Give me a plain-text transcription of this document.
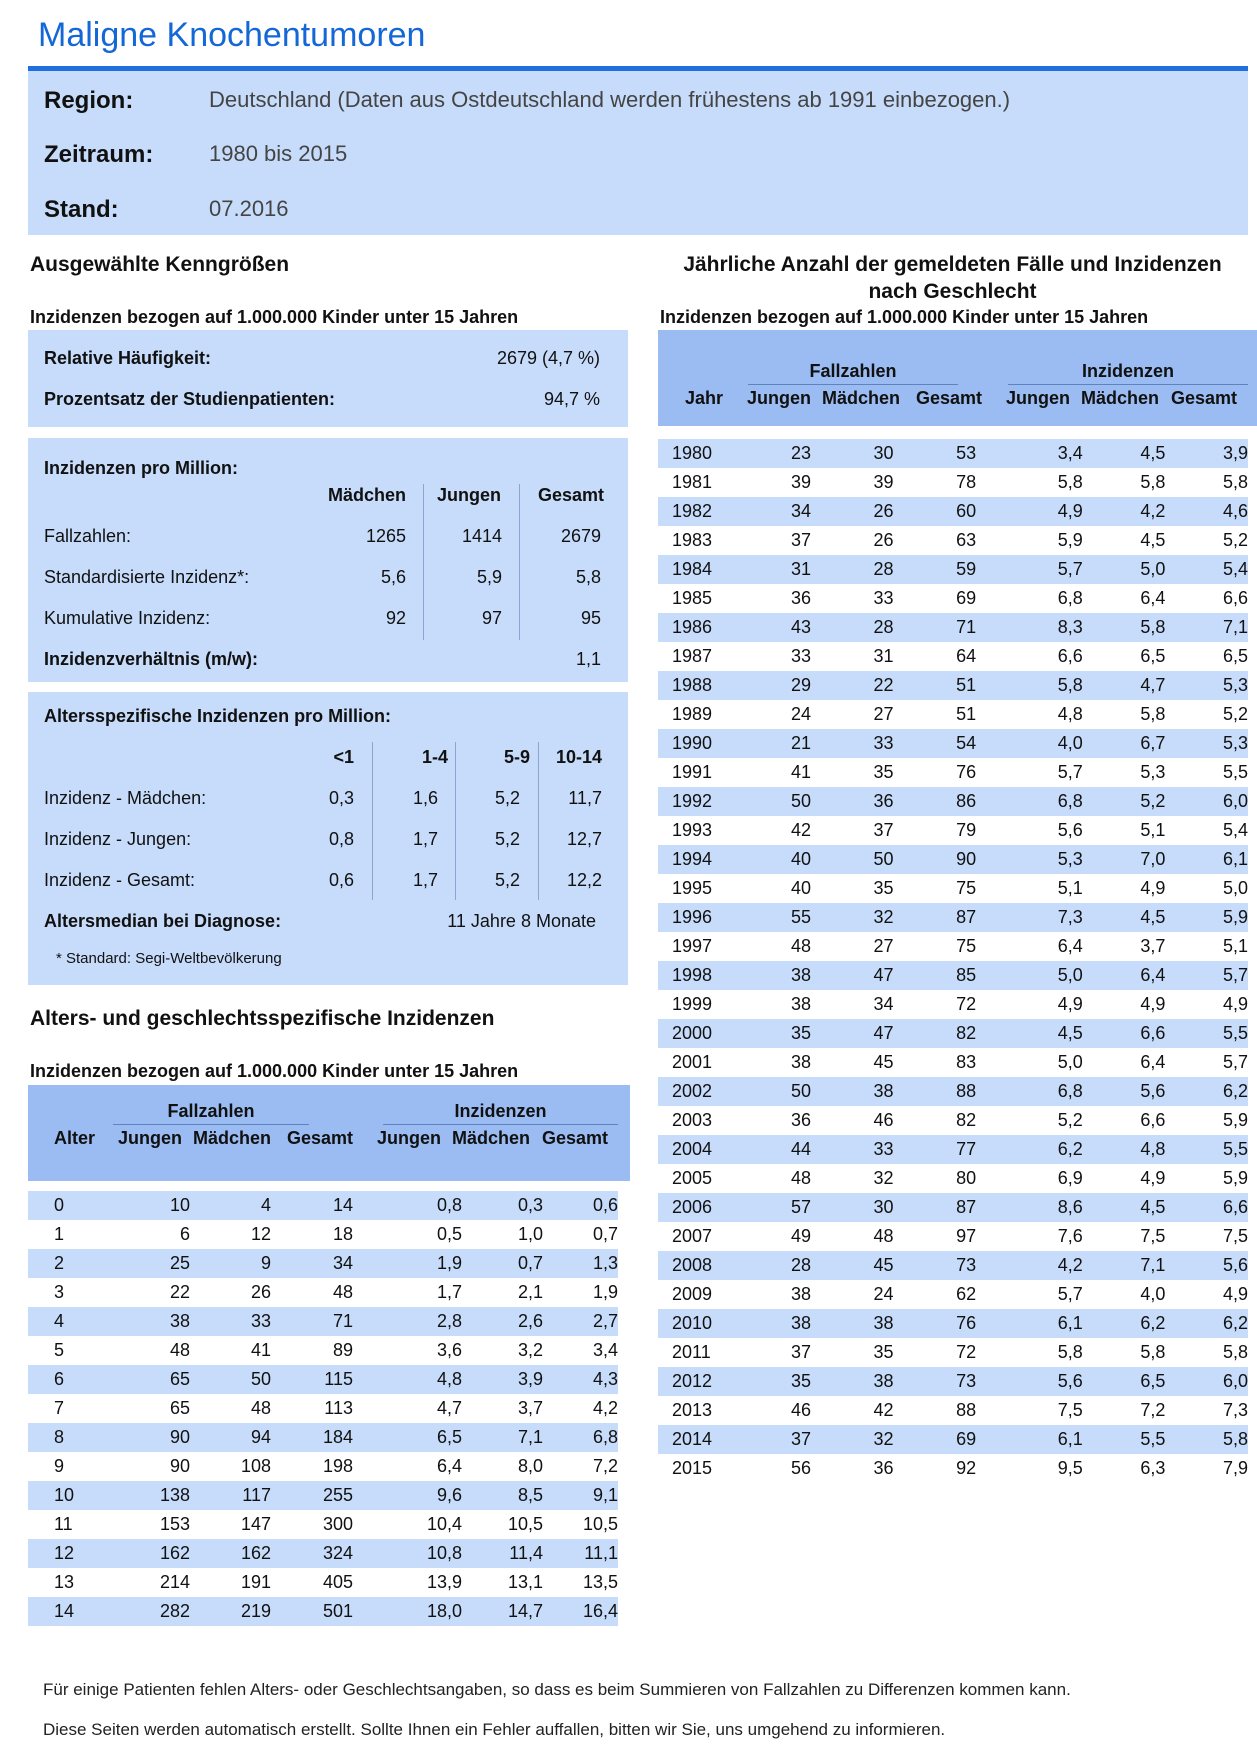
Maligne Knochentumoren
Region:	Deutschland (Daten aus Ostdeutschland werden frühestens ab 1991 einbezogen.)
Zeitraum:	1980 bis 2015
Stand:	07.2016
Ausgewählte Kenngrößen
Inzidenzen bezogen auf 1.000.000 Kinder unter 15 Jahren
Relative Häufigkeit:	2679 (4,7 %)
Prozentsatz der Studienpatienten:	94,7 %
Inzidenzen pro Million:
Mädchen Jungen Gesamt
Fallzahlen:	1265	1414	2679
Standardisierte Inzidenz*:	5,6	5,9	5,8
Kumulative Inzidenz:	92	97	95
Inzidenzverhältnis (m/w):	1,1
Altersspezifische Inzidenzen pro Million:
<1	1-4	5-9 10-14
Inzidenz - Mädchen:	0,3	1,6	5,2	11,7
Inzidenz - Jungen:	0,8	1,7	5,2	12,7
Inzidenz - Gesamt:	0,6	1,7	5,2	12,2
Altersmedian bei Diagnose:	11 Jahre 8 Monate
* Standard: Segi-Weltbevölkerung
Alters- und geschlechtsspezifische Inzidenzen
Inzidenzen bezogen auf 1.000.000 Kinder unter 15 Jahren
Fallzahlen	Inzidenzen
Alter Jungen Mädchen Gesamt Jungen Mädchen Gesamt
0	10	4	14	0,8	0,3	0,6
1	6	12	18	0,5	1,0	0,7
2	25	9	34	1,9	0,7	1,3
3	22	26	48	1,7	2,1	1,9
4	38	33	71	2,8	2,6	2,7
5	48	41	89	3,6	3,2	3,4
6	65	50	115	4,8	3,9	4,3
7	65	48	113	4,7	3,7	4,2
8	90	94	184	6,5	7,1	6,8
9	90	108	198	6,4	8,0	7,2
10	138	117	255	9,6	8,5	9,1
11	153	147	300	10,4	10,5	10,5
12	162	162	324	10,8	11,4	11,1
13	214	191	405	13,9	13,1	13,5
14	282	219	501	18,0	14,7	16,4
Jährliche Anzahl der gemeldeten Fälle und Inzidenzen
nach Geschlecht
Inzidenzen bezogen auf 1.000.000 Kinder unter 15 Jahren
Fallzahlen	Inzidenzen
Jahr Jungen Mädchen Gesamt Jungen Mädchen Gesamt
1980	23	30	53	3,4	4,5	3,9
1981	39	39	78	5,8	5,8	5,8
1982	34	26	60	4,9	4,2	4,6
1983	37	26	63	5,9	4,5	5,2
1984	31	28	59	5,7	5,0	5,4
1985	36	33	69	6,8	6,4	6,6
1986	43	28	71	8,3	5,8	7,1
1987	33	31	64	6,6	6,5	6,5
1988	29	22	51	5,8	4,7	5,3
1989	24	27	51	4,8	5,8	5,2
1990	21	33	54	4,0	6,7	5,3
1991	41	35	76	5,7	5,3	5,5
1992	50	36	86	6,8	5,2	6,0
1993	42	37	79	5,6	5,1	5,4
1994	40	50	90	5,3	7,0	6,1
1995	40	35	75	5,1	4,9	5,0
1996	55	32	87	7,3	4,5	5,9
1997	48	27	75	6,4	3,7	5,1
1998	38	47	85	5,0	6,4	5,7
1999	38	34	72	4,9	4,9	4,9
2000	35	47	82	4,5	6,6	5,5
2001	38	45	83	5,0	6,4	5,7
2002	50	38	88	6,8	5,6	6,2
2003	36	46	82	5,2	6,6	5,9
2004	44	33	77	6,2	4,8	5,5
2005	48	32	80	6,9	4,9	5,9
2006	57	30	87	8,6	4,5	6,6
2007	49	48	97	7,6	7,5	7,5
2008	28	45	73	4,2	7,1	5,6
2009	38	24	62	5,7	4,0	4,9
2010	38	38	76	6,1	6,2	6,2
2011	37	35	72	5,8	5,8	5,8
2012	35	38	73	5,6	6,5	6,0
2013	46	42	88	7,5	7,2	7,3
2014	37	32	69	6,1	5,5	5,8
2015	56	36	92	9,5	6,3	7,9
Für einige Patienten fehlen Alters- oder Geschlechtsangaben, so dass es beim Summieren von Fallzahlen zu Differenzen kommen kann.
Diese Seiten werden automatisch erstellt. Sollte Ihnen ein Fehler auffallen, bitten wir Sie, uns umgehend zu informieren.
